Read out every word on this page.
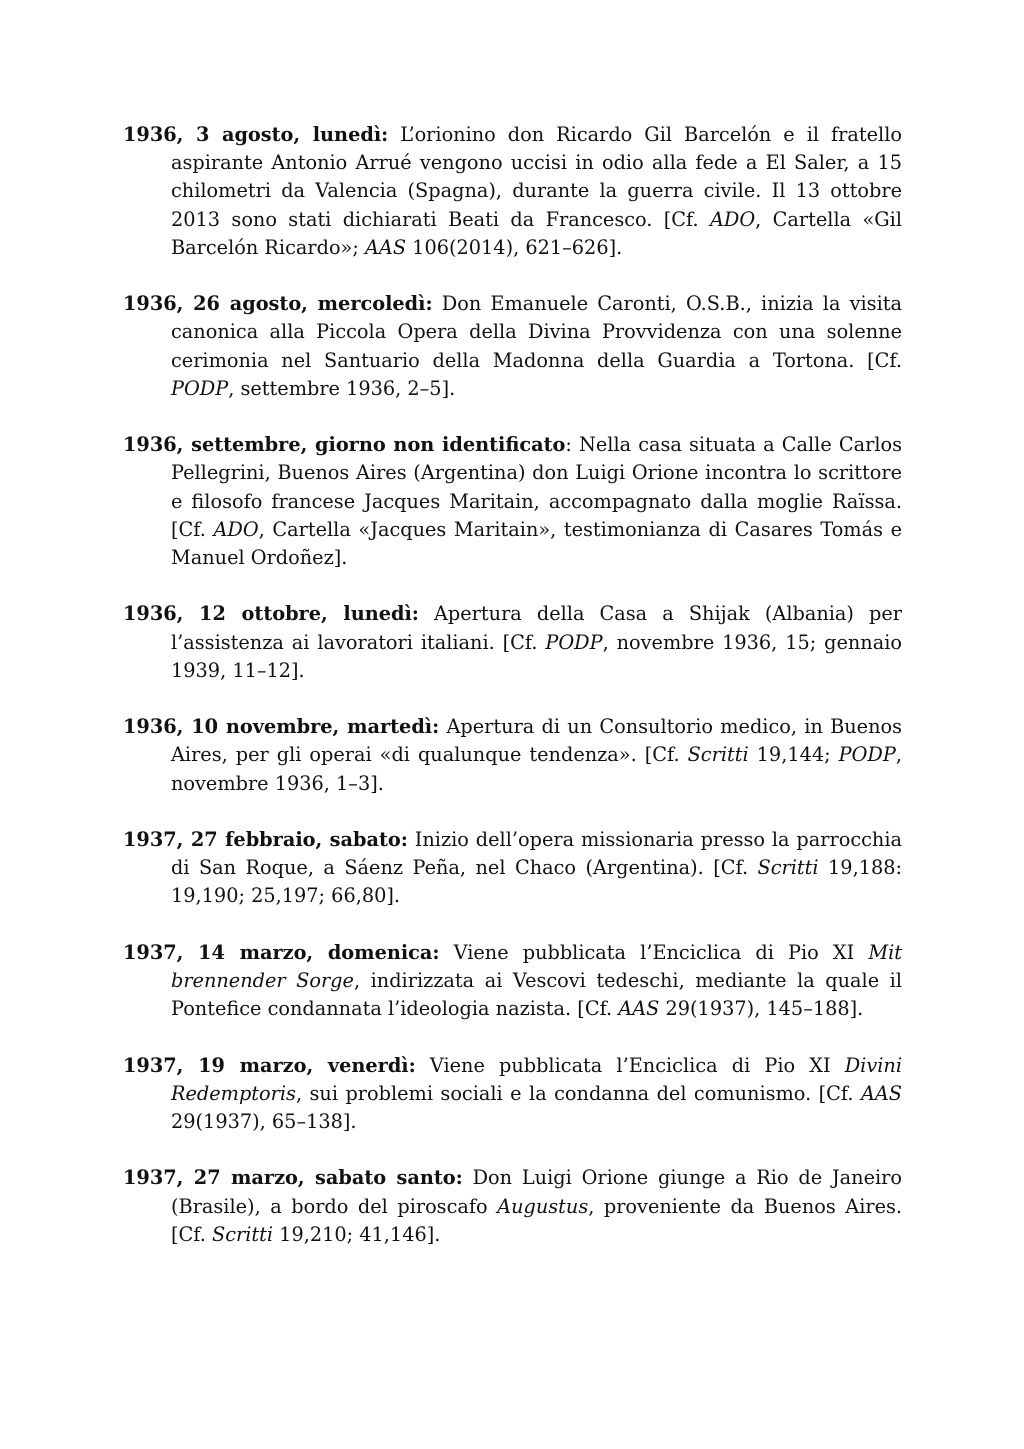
1936, 3 agosto, lunedì: L’orionino don Ricardo Gil Barcelón e il fratello aspirante Antonio Arrué vengono uccisi in odio alla fede a El Saler, a 15 chilometri da Valencia (Spagna), durante la guerra civile. Il 13 ottobre 2013 sono stati dichiarati Beati da Francesco. [Cf. ADO, Cartella «Gil Barcelón Ricardo»; AAS 106(2014), 621–626].

1936, 26 agosto, mercoledì: Don Emanuele Caronti, O.S.B., inizia la visita canonica alla Piccola Opera della Divina Provvidenza con una solenne cerimonia nel Santuario della Madonna della Guardia a Tortona. [Cf. PODP, settembre 1936, 2–5].

1936, settembre, giorno non identificato: Nella casa situata a Calle Carlos Pellegrini, Buenos Aires (Argentina) don Luigi Orione incontra lo scrittore e filosofo francese Jacques Maritain, accompagnato dalla moglie Raïssa. [Cf. ADO, Cartella «Jacques Maritain», testimonianza di Casares Tomás e Manuel Ordoñez].

1936, 12 ottobre, lunedì: Apertura della Casa a Shijak (Albania) per l’assistenza ai lavoratori italiani. [Cf. PODP, novembre 1936, 15; gennaio 1939, 11–12].

1936, 10 novembre, martedì: Apertura di un Consultorio medico, in Buenos Aires, per gli operai «di qualunque tendenza». [Cf. Scritti 19,144; PODP, novembre 1936, 1–3].

1937, 27 febbraio, sabato: Inizio dell’opera missionaria presso la parrocchia di San Roque, a Sáenz Peña, nel Chaco (Argentina). [Cf. Scritti 19,188: 19,190; 25,197; 66,80].

1937, 14 marzo, domenica: Viene pubblicata l’Enciclica di Pio XI Mit brennender Sorge, indirizzata ai Vescovi tedeschi, mediante la quale il Pontefice condannata l’ideologia nazista. [Cf. AAS 29(1937), 145–188].

1937, 19 marzo, venerdì: Viene pubblicata l’Enciclica di Pio XI Divini Redemptoris, sui problemi sociali e la condanna del comunismo. [Cf. AAS 29(1937), 65–138].

1937, 27 marzo, sabato santo: Don Luigi Orione giunge a Rio de Janeiro (Brasile), a bordo del piroscafo Augustus, proveniente da Buenos Aires. [Cf. Scritti 19,210; 41,146].
